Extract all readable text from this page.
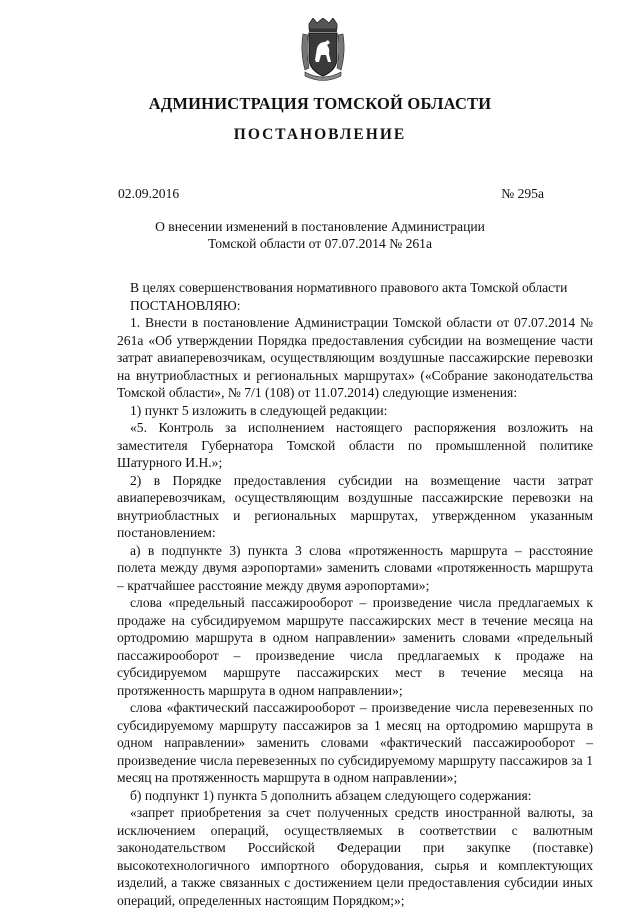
АДМИНИСТРАЦИЯ ТОМСКОЙ ОБЛАСТИ
ПОСТАНОВЛЕНИЕ
02.09.2016	№ 295а
О внесении изменений в постановление Администрации
Томской области от 07.07.2014 № 261а

В целях совершенствования нормативного правового акта Томской области

ПОСТАНОВЛЯЮ:

1. Внести в постановление Администрации Томской области от 07.07.2014 № 261а «Об утверждении Порядка предоставления субсидии на возмещение части затрат авиаперевозчикам, осуществляющим воздушные пассажирские перевозки на внутриобластных и региональных маршрутах» («Собрание законодательства Томской области», № 7/1 (108) от 11.07.2014) следующие изменения:

1) пункт 5 изложить в следующей редакции:

«5. Контроль за исполнением настоящего распоряжения возложить на заместителя Губернатора Томской области по промышленной политике Шатурного И.Н.»;

2) в Порядке предоставления субсидии на возмещение части затрат авиаперевозчикам, осуществляющим воздушные пассажирские перевозки на внутриобластных и региональных маршрутах, утвержденном указанным постановлением:

а) в подпункте 3) пункта 3 слова «протяженность маршрута – расстояние полета между двумя аэропортами» заменить словами «протяженность маршрута – кратчайшее расстояние между двумя аэропортами»;

слова «предельный пассажирооборот – произведение числа предлагаемых к продаже на субсидируемом маршруте пассажирских мест в течение месяца на ортодромию маршрута в одном направлении» заменить словами «предельный пассажирооборот – произведение числа предлагаемых к продаже на субсидируемом маршруте пассажирских мест в течение месяца на протяженность маршрута в одном направлении»;

слова «фактический пассажирооборот – произведение числа перевезенных по субсидируемому маршруту пассажиров за 1 месяц на ортодромию маршрута в одном направлении» заменить словами «фактический пассажирооборот – произведение числа перевезенных по субсидируемому маршруту пассажиров за 1 месяц на протяженность маршрута в одном направлении»;

б) подпункт 1) пункта 5 дополнить абзацем следующего содержания:

«запрет приобретения за счет полученных средств иностранной валюты, за исключением операций, осуществляемых в соответствии с валютным законодательством Российской Федерации при закупке (поставке) высокотехнологичного импортного оборудования, сырья и комплектующих изделий, а также связанных с достижением цели предоставления субсидии иных операций, определенных настоящим Порядком;»;
